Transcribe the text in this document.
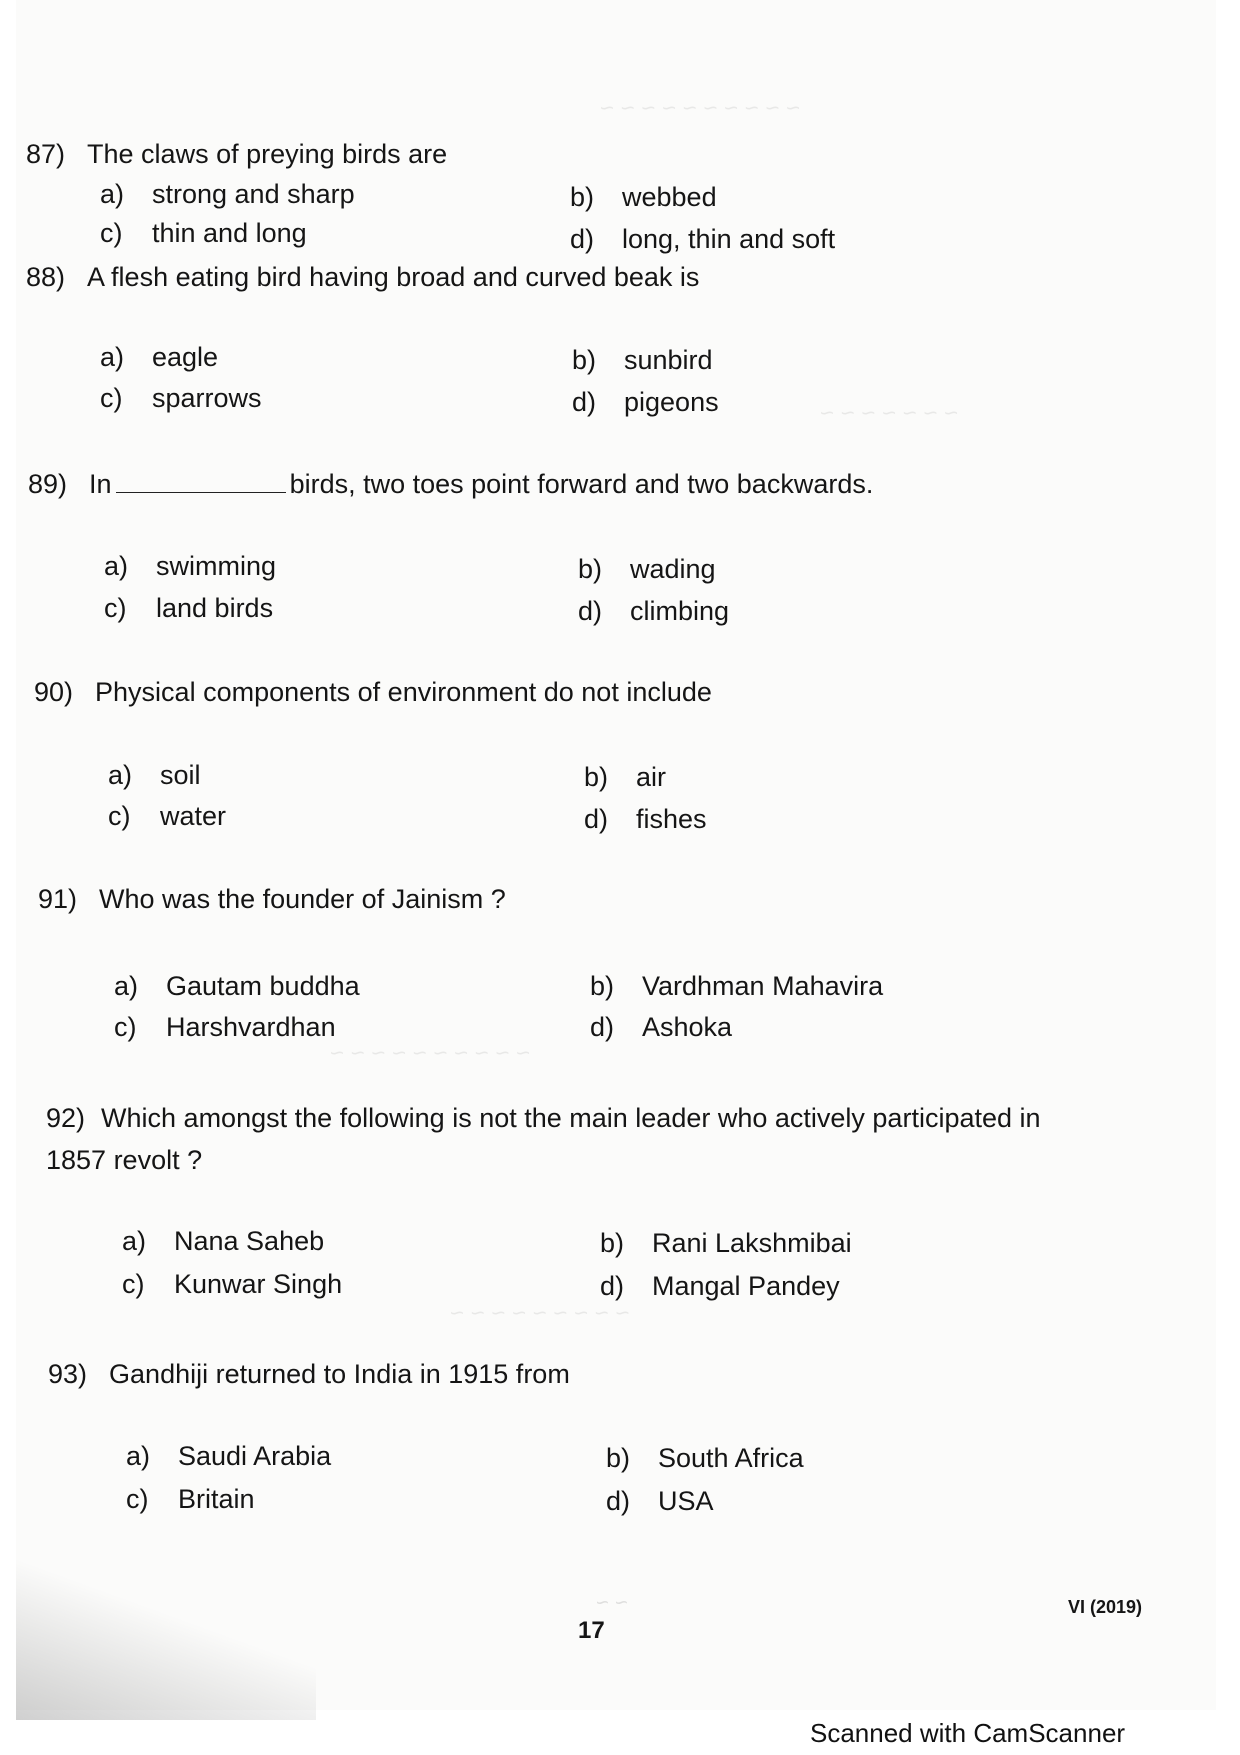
~ ~ ~ ~ ~ ~ ~ ~ ~ ~
~ ~ ~ ~ ~ ~ ~
~ ~ ~ ~ ~ ~ ~ ~ ~ ~
~ ~ ~ ~ ~ ~ ~ ~ ~
87) The claws of preying birds are
a) strong and sharp	b) webbed
c) thin and long	d) long, thin and soft
88) A flesh eating bird having broad and curved beak is
a) eagle	b) sunbird
c) sparrows	d) pigeons
89) In	birds, two toes point forward and two backwards.
a) swimming	b) wading
c) land birds	d) climbing
90) Physical components of environment do not include
a) soil	b) air
c) water	d) fishes
91) Who was the founder of Jainism ?
a) Gautam buddha	b) Vardhman Mahavira
c) Harshvardhan	d) Ashoka
92) Which amongst the following is not the main leader who actively participated in 1857 revolt ?
a) Nana Saheb	b) Rani Lakshmibai
c) Kunwar Singh	d) Mangal Pandey
93) Gandhiji returned to India in 1915 from
a) Saudi Arabia	b) South Africa
c) Britain	d) USA
~ ~	VI (2019)
17
Scanned with CamScanner
